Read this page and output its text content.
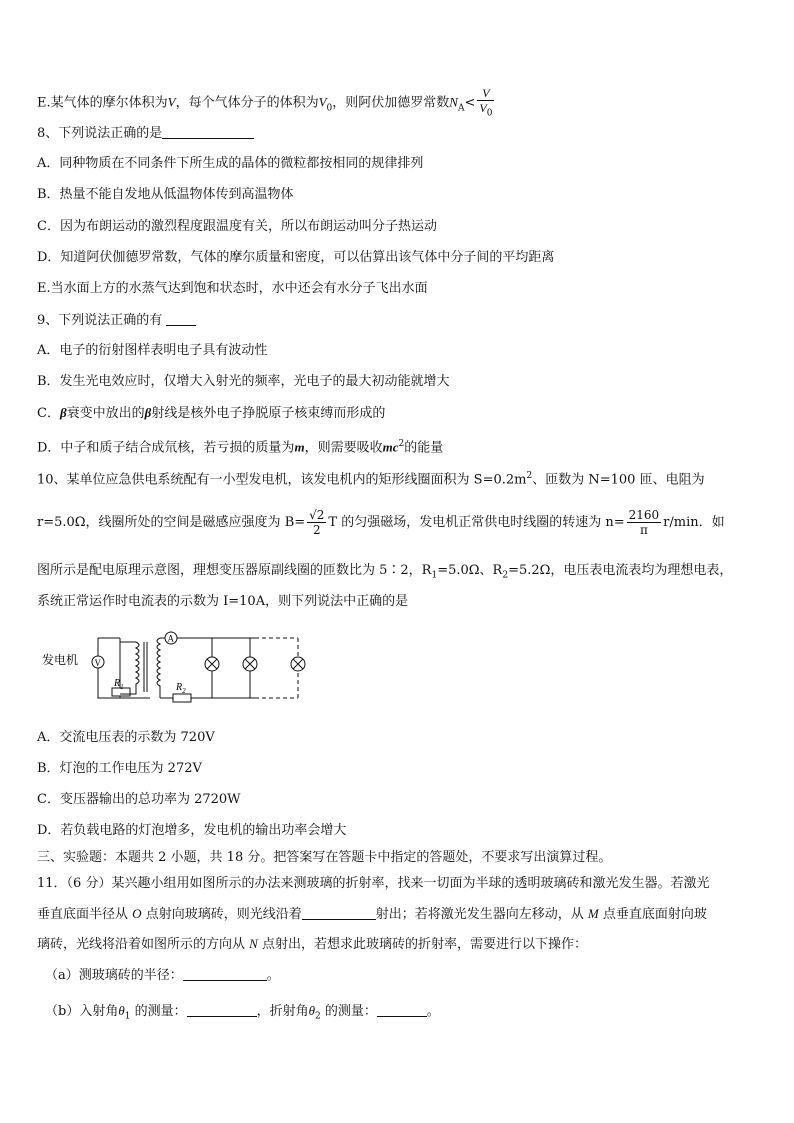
E.某气体的摩尔体积为V，每个气体分子的体积为$V_0$，则阿伏加德罗常数$N_A< \frac{V}{V_0}$
8、下列说法正确的是
A．同种物质在不同条件下所生成的晶体的微粒都按相同的规律排列
B．热量不能自发地从低温物体传到高温物体
C．因为布朗运动的激烈程度跟温度有关，所以布朗运动叫分子热运动
D．知道阿伏伽德罗常数，气体的摩尔质量和密度，可以估算出该气体中分子间的平均距离
E.当水面上方的水蒸气达到饱和状态时，水中还会有水分子飞出水面
9、下列说法正确的有
A．电子的衍射图样表明电子具有波动性
B．发生光电效应时，仅增大入射光的频率，光电子的最大初动能就增大
C．β衰变中放出的β射线是核外电子挣脱原子核束缚而形成的
D．中子和质子结合成氘核，若亏损的质量为m，则需要吸收$mc^2$的能量
10、某单位应急供电系统配有一小型发电机，该发电机内的矩形线圈面积为 $S=0.2m^2$、匝数为 N=100 匝、电阻为
r=5.0Ω，线圈所处的空间是磁感应强度为 $B= \frac{√2}{2}$ T 的匀强磁场，发电机正常供电时线圈的转速为 $n= \frac{2160}{\pi} r/\min$．如
图所示是配电原理示意图，理想变压器原副线圈的匝数比为 5∶2，$R_1=5.0\Omega$、$R_2=5.2\Omega$，电压表电流表均为理想电表，
系统正常运作时电流表的示数为 I=10A，则下列说法中正确的是
发电机 V
$R_1$
A
$R_2$
A．交流电压表的示数为 720V
B．灯泡的工作电压为 272V
C．变压器输出的总功率为 2720W
D．若负载电路的灯泡增多，发电机的输出功率会增大
三、实验题：本题共 2 小题，共 18 分。把答案写在答题卡中指定的答题处，不要求写出演算过程。
11．（6 分）某兴趣小组用如图所示的办法来测玻璃的折射率，找来一切面为半球的透明玻璃砖和激光发生器。若激光
垂直底面半径从 O 点射向玻璃砖，则光线沿着	射出；若将激光发生器向左移动，从 M 点垂直底面射向玻
璃砖，光线将沿着如图所示的方向从 N 点射出，若想求此玻璃砖的折射率，需要进行以下操作：
（a）测玻璃砖的半径：	。
（b）入射角$\theta_1$ 的测量：	，折射角$\theta_2$ 的测量：	。
